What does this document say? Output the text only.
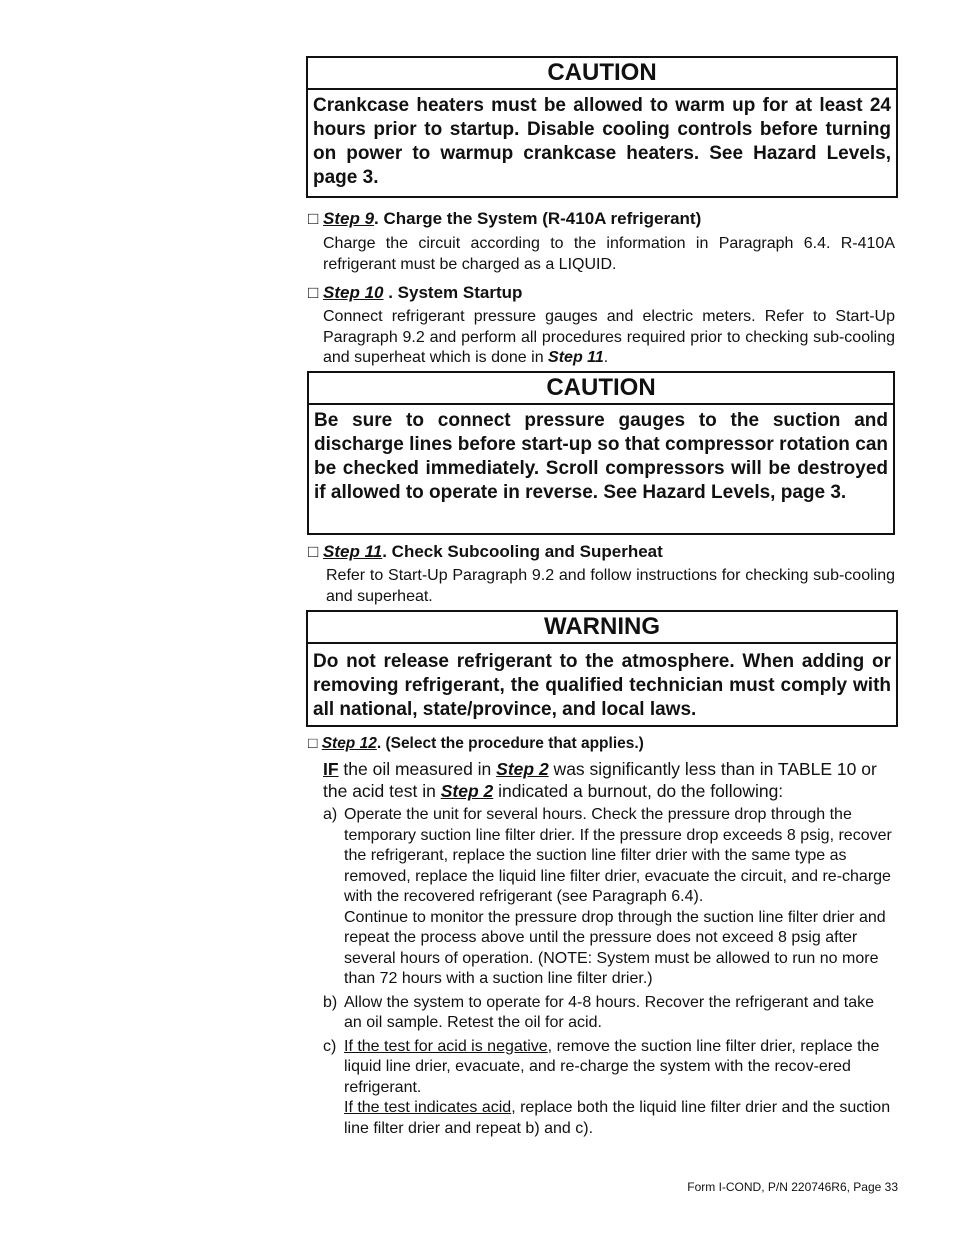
CAUTION
Crankcase heaters must be allowed to warm up for at least 24 hours prior to startup. Disable cooling controls before turning on power to warmup crankcase heaters. See Hazard Levels, page 3.
□ Step 9. Charge the System (R-410A refrigerant)
Charge the circuit according to the information in Paragraph 6.4. R-410A refrigerant must be charged as a LIQUID.
□ Step 10 . System Startup
Connect refrigerant pressure gauges and electric meters. Refer to Start-Up Paragraph 9.2 and perform all procedures required prior to checking sub-cooling and superheat which is done in Step 11.
CAUTION
Be sure to connect pressure gauges to the suction and discharge lines before start-up so that compressor rotation can be checked immediately. Scroll compressors will be destroyed if allowed to operate in reverse. See Hazard Levels, page 3.
□ Step 11. Check Subcooling and Superheat
Refer to Start-Up Paragraph 9.2 and follow instructions for checking sub-cooling and superheat.
WARNING
Do not release refrigerant to the atmosphere. When adding or removing refrigerant, the qualified technician must comply with all national, state/province, and local laws.
□ Step 12. (Select the procedure that applies.)
IF the oil measured in Step 2 was significantly less than in TABLE 10 or the acid test in Step 2 indicated a burnout, do the following:
a) Operate the unit for several hours. Check the pressure drop through the temporary suction line filter drier. If the pressure drop exceeds 8 psig, recover the refrigerant, replace the suction line filter drier with the same type as removed, replace the liquid line filter drier, evacuate the circuit, and re-charge with the recovered refrigerant (see Paragraph 6.4).
Continue to monitor the pressure drop through the suction line filter drier and repeat the process above until the pressure does not exceed 8 psig after several hours of operation. (NOTE: System must be allowed to run no more than 72 hours with a suction line filter drier.)
b) Allow the system to operate for 4-8 hours. Recover the refrigerant and take an oil sample. Retest the oil for acid.
c) If the test for acid is negative, remove the suction line filter drier, replace the liquid line drier, evacuate, and re-charge the system with the recov-ered refrigerant.
If the test indicates acid, replace both the liquid line filter drier and the suction line filter drier and repeat b) and c).
Form I-COND, P/N 220746R6, Page 33
